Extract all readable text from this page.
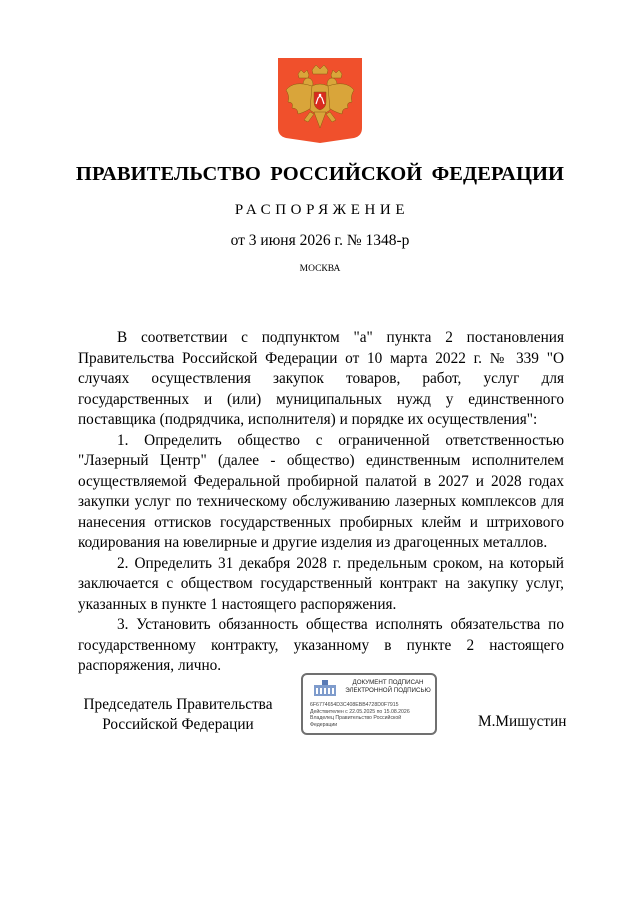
ПРАВИТЕЛЬСТВО РОССИЙСКОЙ ФЕДЕРАЦИИ
РАСПОРЯЖЕНИЕ
от 3 июня 2026 г. № 1348-р
МОСКВА

В соответствии с подпунктом "а" пункта 2 постановления Правительства Российской Федерации от 10 марта 2022 г. № 339 "О случаях осуществления закупок товаров, работ, услуг для государственных и (или) муниципальных нужд у единственного поставщика (подрядчика, исполнителя) и порядке их осуществления":

1. Определить общество с ограниченной ответственностью "Лазерный Центр" (далее - общество) единственным исполнителем осуществляемой Федеральной пробирной палатой в 2027 и 2028 годах закупки услуг по техническому обслуживанию лазерных комплексов для нанесения оттисков государственных пробирных клейм и штрихового кодирования на ювелирные и другие изделия из драгоценных металлов.

2. Определить 31 декабря 2028 г. предельным сроком, на который заключается с обществом государственный контракт на закупку услуг, указанных в пункте 1 настоящего распоряжения.

3. Установить обязанность общества исполнять обязательства по государственному контракту, указанному в пункте 2 настоящего распоряжения, лично.

Председатель Правительства
Российской Федерации
ДОКУМЕНТ ПОДПИСАН
ЭЛЕКТРОННОЙ ПОДПИСЬЮ
6F6774654D3C408EBB4728D0F7915
Действителен с 22.05.2025 по 15.08.2026
Владелец Правительство Российской
Федерации	М.Мишустин
